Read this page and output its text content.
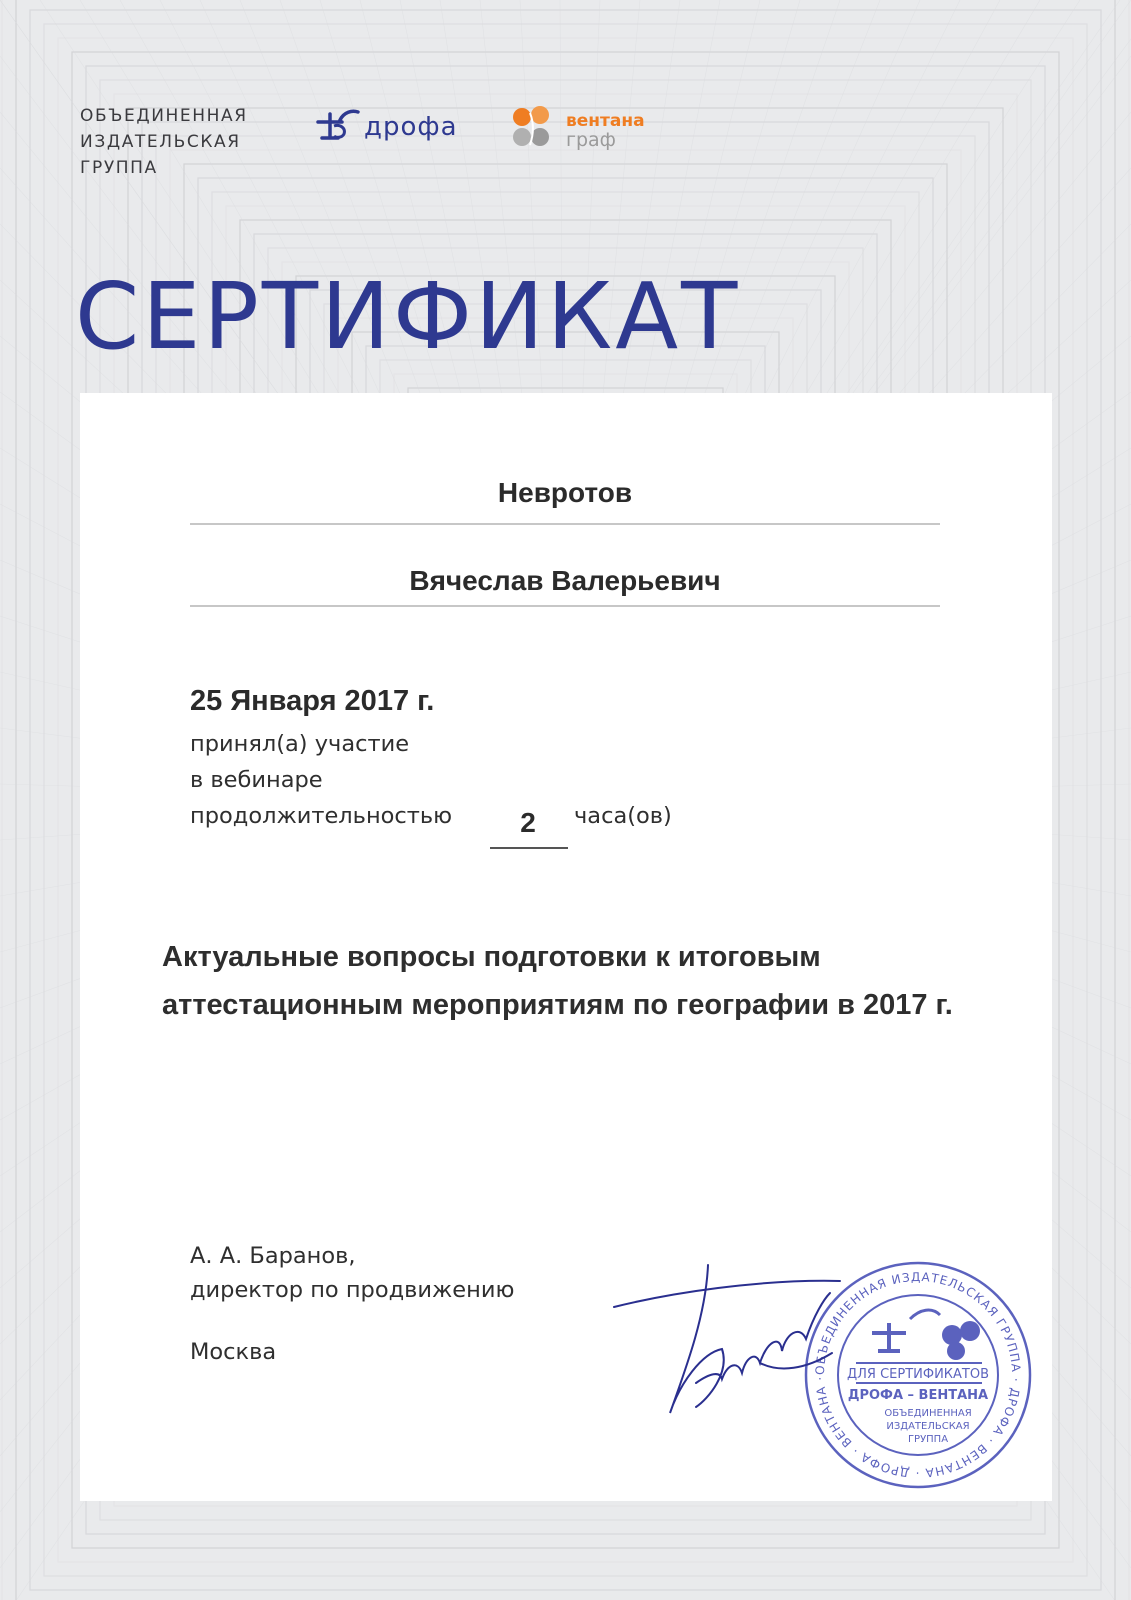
ОБЪЕДИНЕННАЯ
ИЗДАТЕЛЬСКАЯ
ГРУППА
дрофа	вентана
граф
СЕРТИФИКАТ
Невротов
Вячеслав Валерьевич
25 Января 2017 г.
принял(а) участие
в вебинаре
продолжительностью	2	часа(ов)
Актуальные вопросы подготовки к итоговым аттестационным мероприятиям по географии в 2017 г.
А. А. Баранов,
директор по продвижению
Москва
ОБЪЕДИНЕННАЯ ИЗДАТЕЛЬСКАЯ ГРУППА · ДРОФА · ВЕНТАНА · ДРОФА · ВЕНТАНА ·	ДЛЯ СЕРТИФИКАТОВ
ДРОФА – ВЕНТАНА
ОБЪЕДИНЕННАЯ
ИЗДАТЕЛЬСКАЯ
ГРУППА
